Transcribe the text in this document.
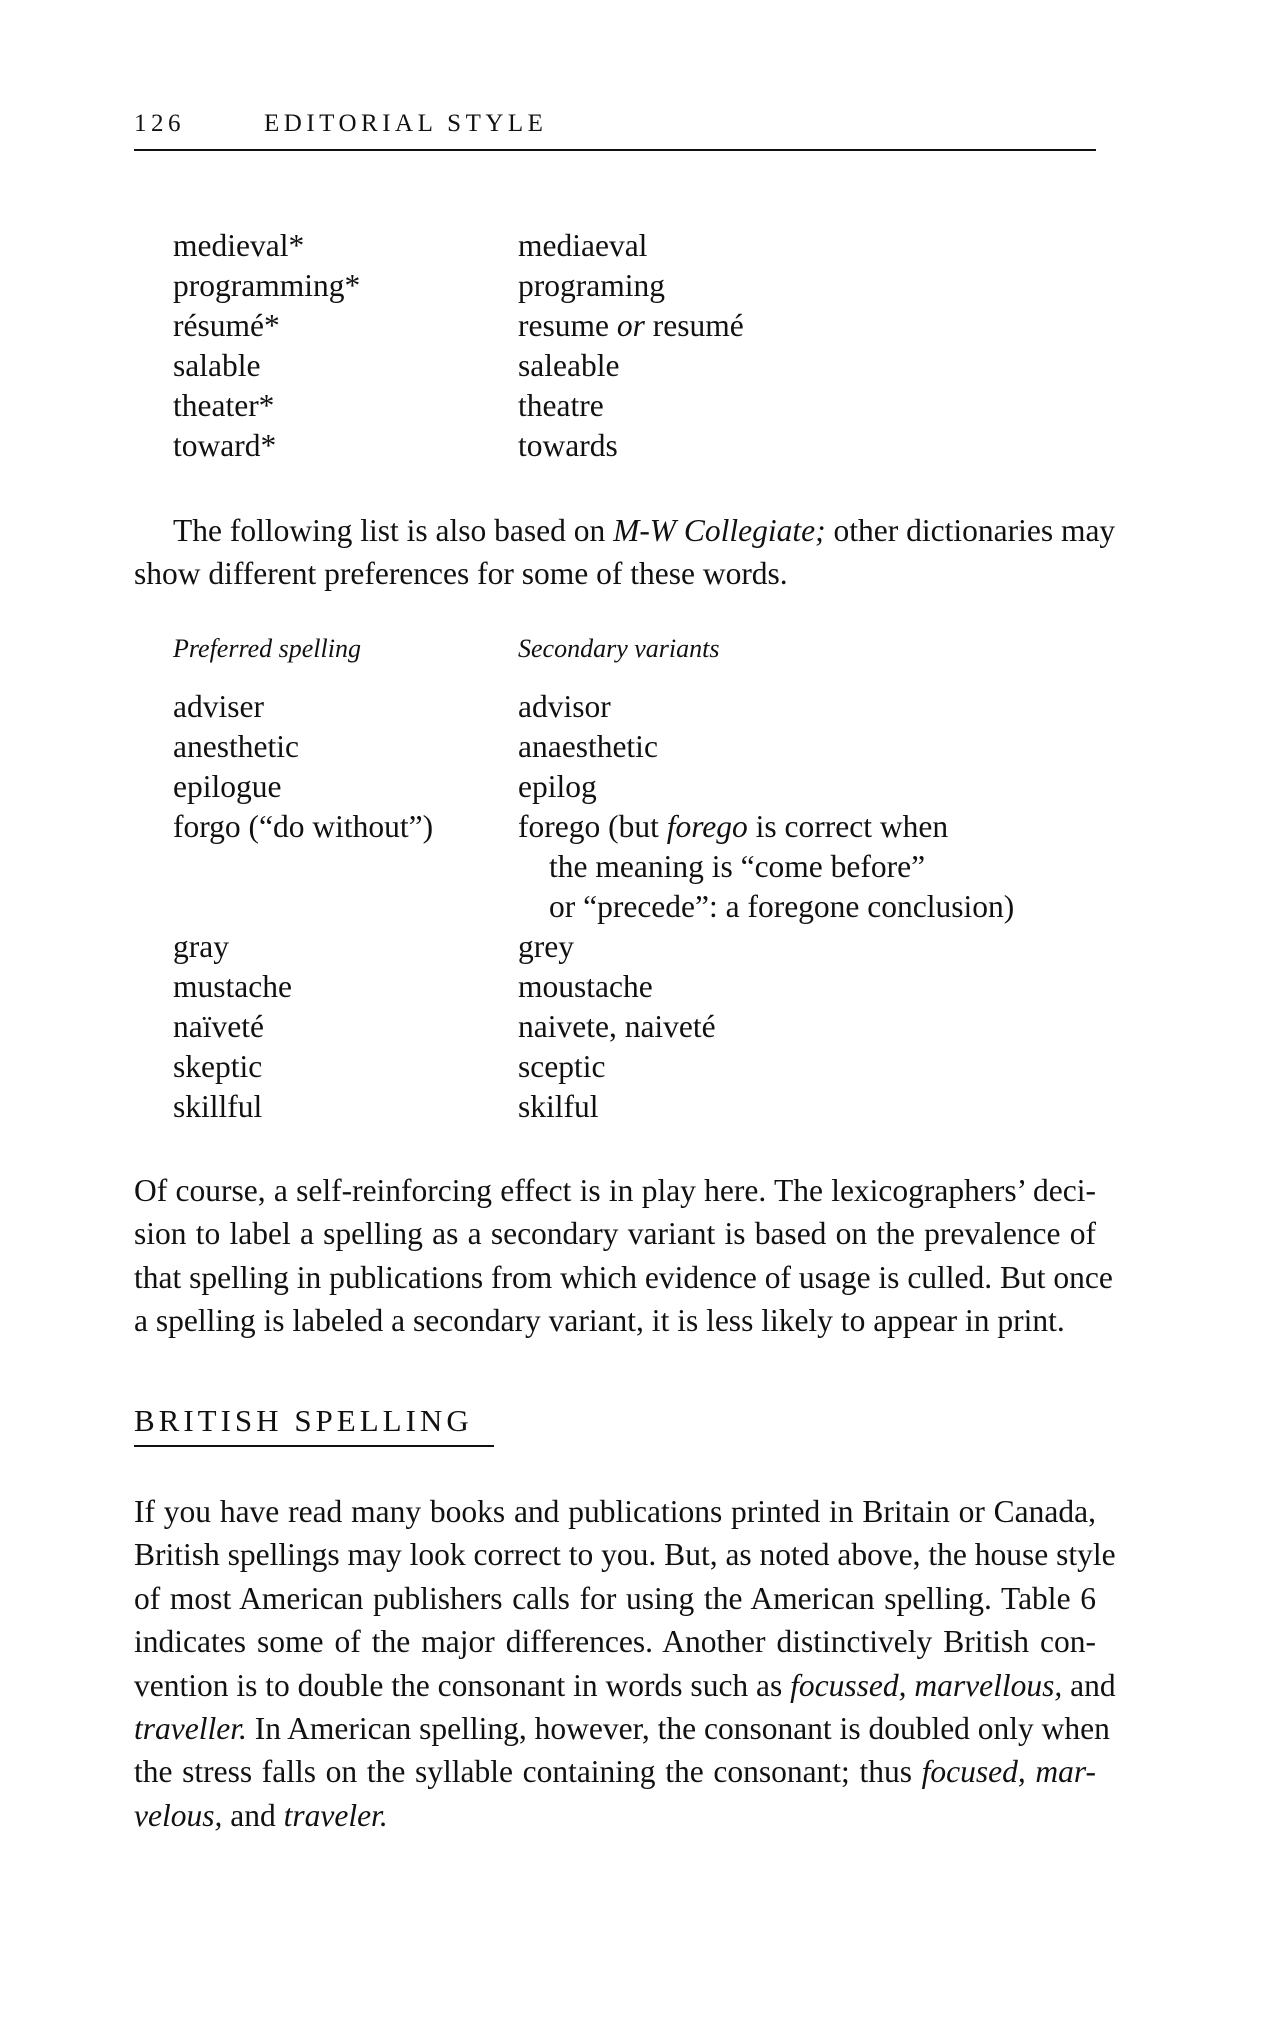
126	EDITORIAL STYLE
medieval*	mediaeval
programming*	programing
résumé*	resume or resumé
salable	saleable
theater*	theatre
toward*	towards
The following list is also based on M-W Collegiate; other dictionaries may
show different preferences for some of these words.
Preferred spelling	Secondary variants
adviser	advisor
anesthetic	anaesthetic
epilogue	epilog
forgo (“do without”)	forego (but forego is correct when
the meaning is “come before”
or “precede”: a foregone conclusion)
gray	grey
mustache	moustache
naïveté	naivete, naiveté
skeptic	sceptic
skillful	skilful
Of course, a self-reinforcing effect is in play here. The lexicographers’ deci-
sion to label a spelling as a secondary variant is based on the prevalence of
that spelling in publications from which evidence of usage is culled. But once
a spelling is labeled a secondary variant, it is less likely to appear in print.
BRITISH SPELLING
If you have read many books and publications printed in Britain or Canada,
British spellings may look correct to you. But, as noted above, the house style
of most American publishers calls for using the American spelling. Table 6
indicates some of the major differences. Another distinctively British con-
vention is to double the consonant in words such as focussed, marvellous, and
traveller. In American spelling, however, the consonant is doubled only when
the stress falls on the syllable containing the consonant; thus focused, mar-
velous, and traveler.
